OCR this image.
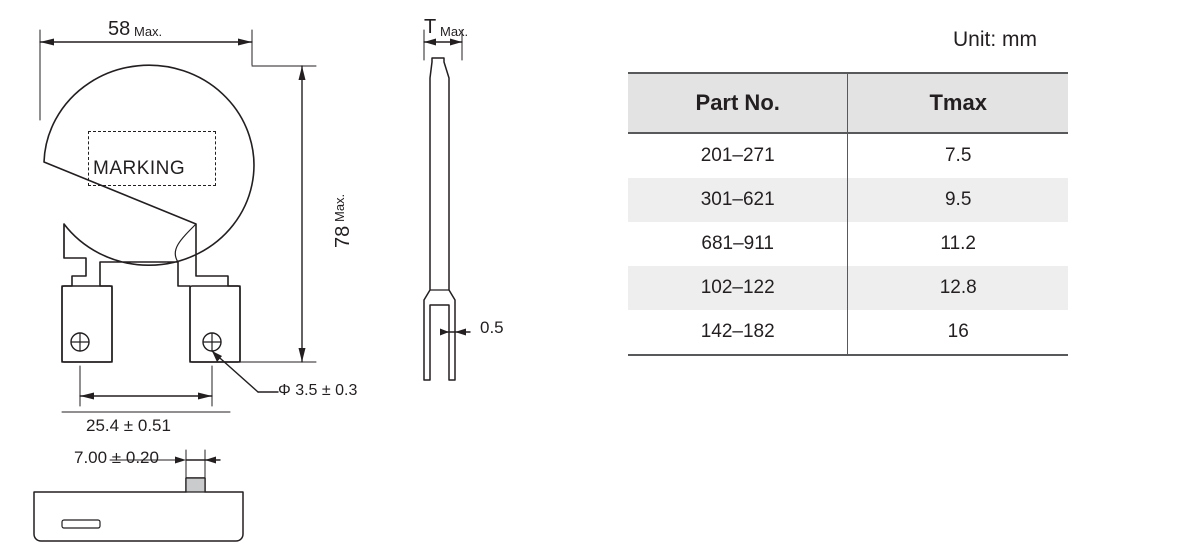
58 Max.
MARKING
78
Max.
25.4 ± 0.51
Φ 3.5 ± 0.3
T Max.
0.5
7.00 ± 0.20
Unit: mm
Part No.	Tmax
201–271	7.5
301–621	9.5
681–911	11.2
102–122	12.8
142–182	16
